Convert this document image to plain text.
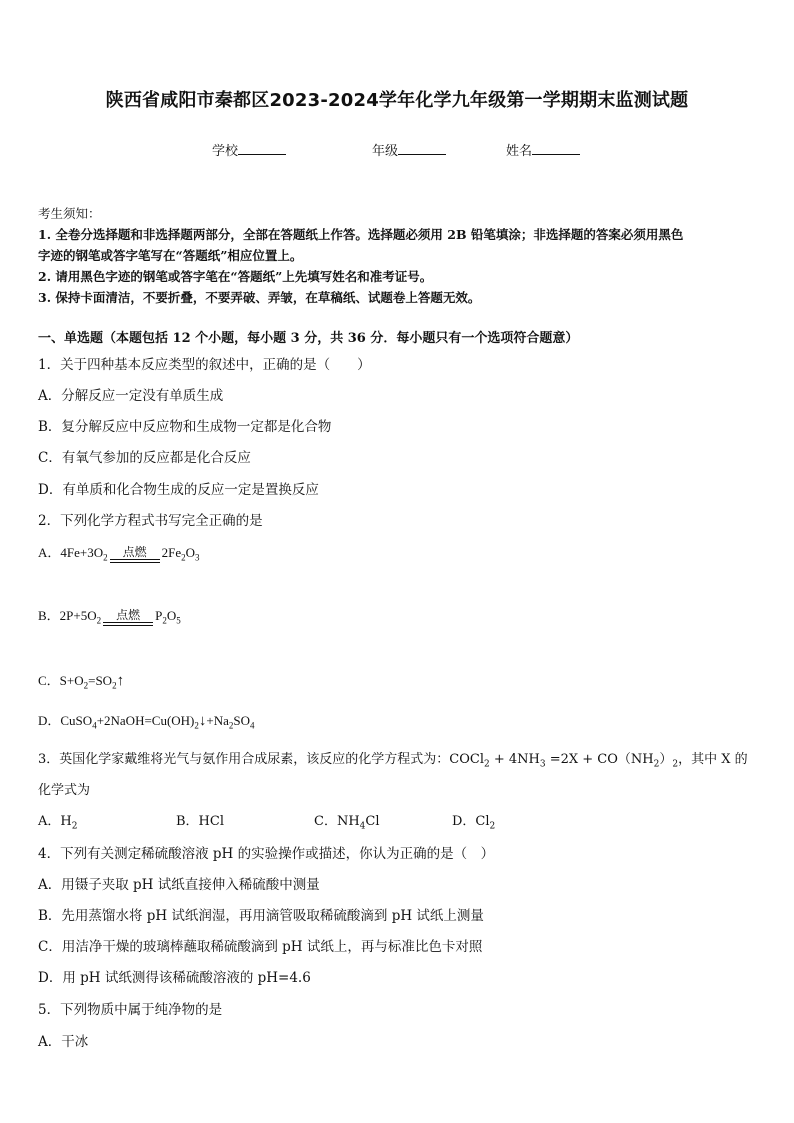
陕西省咸阳市秦都区2023-2024学年化学九年级第一学期期末监测试题
学校	年级	姓名
考生须知：
1. 全卷分选择题和非选择题两部分，全部在答题纸上作答。选择题必须用 2B 铅笔填涂；非选择题的答案必须用黑色
字迹的钢笔或答字笔写在“答题纸”相应位置上。
2. 请用黑色字迹的钢笔或答字笔在“答题纸”上先填写姓名和准考证号。
3. 保持卡面清洁，不要折叠，不要弄破、弄皱，在草稿纸、试题卷上答题无效。
一、单选题（本题包括 12 个小题，每小题 3 分，共 36 分．每小题只有一个选项符合题意）
1．关于四种基本反应类型的叙述中，正确的是（　　）
A．分解反应一定没有单质生成
B．复分解反应中反应物和生成物一定都是化合物
C．有氧气参加的反应都是化合反应
D．有单质和化合物生成的反应一定是置换反应
2．下列化学方程式书写完全正确的是
A．$4Fe+3O_2$	点燃	$2Fe_2O_3$
B．$2P+5O_2$	点燃	$P_2O_5$
C．$S+O_2=SO_2↑$
D．$CuSO_4+2NaOH=Cu(OH)_2↓+Na_2SO_4$
3．英国化学家戴维将光气与氨作用合成尿素，该反应的化学方程式为：COCl$_2$ + $4NH_3 =2X + CO(NH_2)_2$，其中 X 的
化学式为
A．$H_2$	B．HCl	C．$NH_4Cl$	D．$Cl_2$
4．下列有关测定稀硫酸溶液 pH 的实验操作或描述，你认为正确的是（　）
A．用镊子夹取 pH 试纸直接伸入稀硫酸中测量
B．先用蒸馏水将 pH 试纸润湿，再用滴管吸取稀硫酸滴到 pH 试纸上测量
C．用洁净干燥的玻璃棒蘸取稀硫酸滴到 pH 试纸上，再与标准比色卡对照
D．用 pH 试纸测得该稀硫酸溶液的 pH=4.6
5．下列物质中属于纯净物的是
A．干冰
